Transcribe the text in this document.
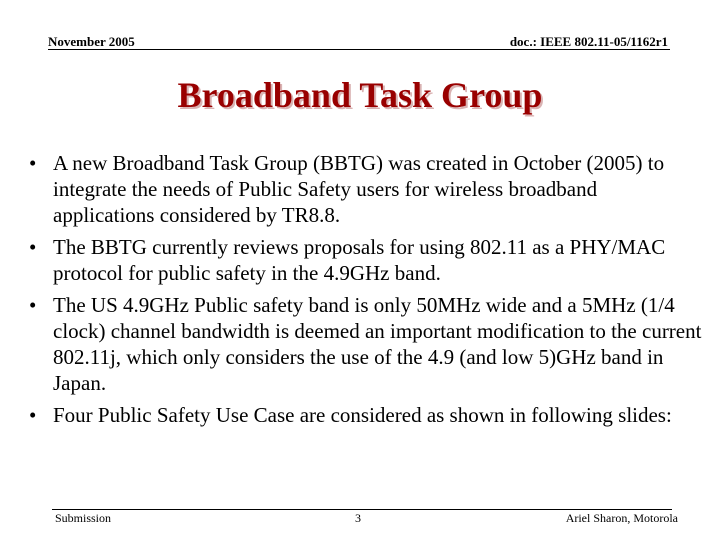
November 2005	doc.: IEEE 802.11-05/1162r1
Broadband Task Group
• A new Broadband Task Group (BBTG) was created in October (2005) to integrate the needs of Public Safety users for wireless broadband applications considered by TR8.8.
• The BBTG currently reviews proposals for using 802.11 as a PHY/MAC protocol for public safety in the 4.9GHz band.
• The US 4.9GHz Public safety band is only 50MHz wide and a 5MHz (1/4 clock) channel bandwidth is deemed an important modification to the current 802.11j, which only considers the use of the 4.9 (and low 5)GHz band in Japan.
• Four Public Safety Use Case are considered as shown in following slides:
Submission	3	Ariel Sharon, Motorola
